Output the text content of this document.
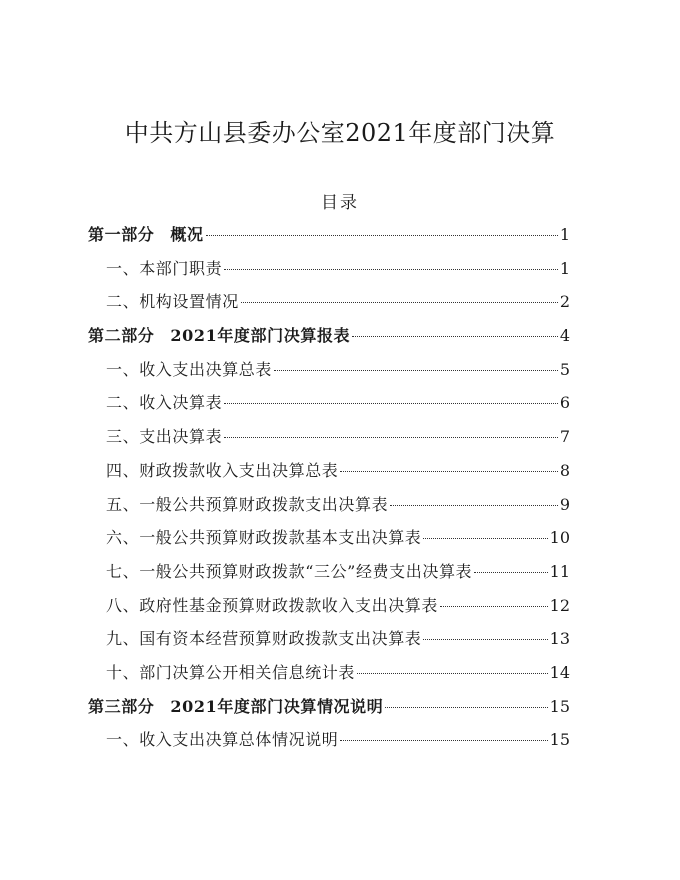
中共方山县委办公室2021年度部门决算
目录
第一部分 概况	1
一、本部门职责	1
二、机构设置情况	2
第二部分 2021年度部门决算报表	4
一、收入支出决算总表	5
二、收入决算表	6
三、支出决算表	7
四、财政拨款收入支出决算总表	8
五、一般公共预算财政拨款支出决算表	9
六、一般公共预算财政拨款基本支出决算表	10
七、一般公共预算财政拨款“三公”经费支出决算表	11
八、政府性基金预算财政拨款收入支出决算表	12
九、国有资本经营预算财政拨款支出决算表	13
十、部门决算公开相关信息统计表	14
第三部分 2021年度部门决算情况说明	15
一、收入支出决算总体情况说明	15
